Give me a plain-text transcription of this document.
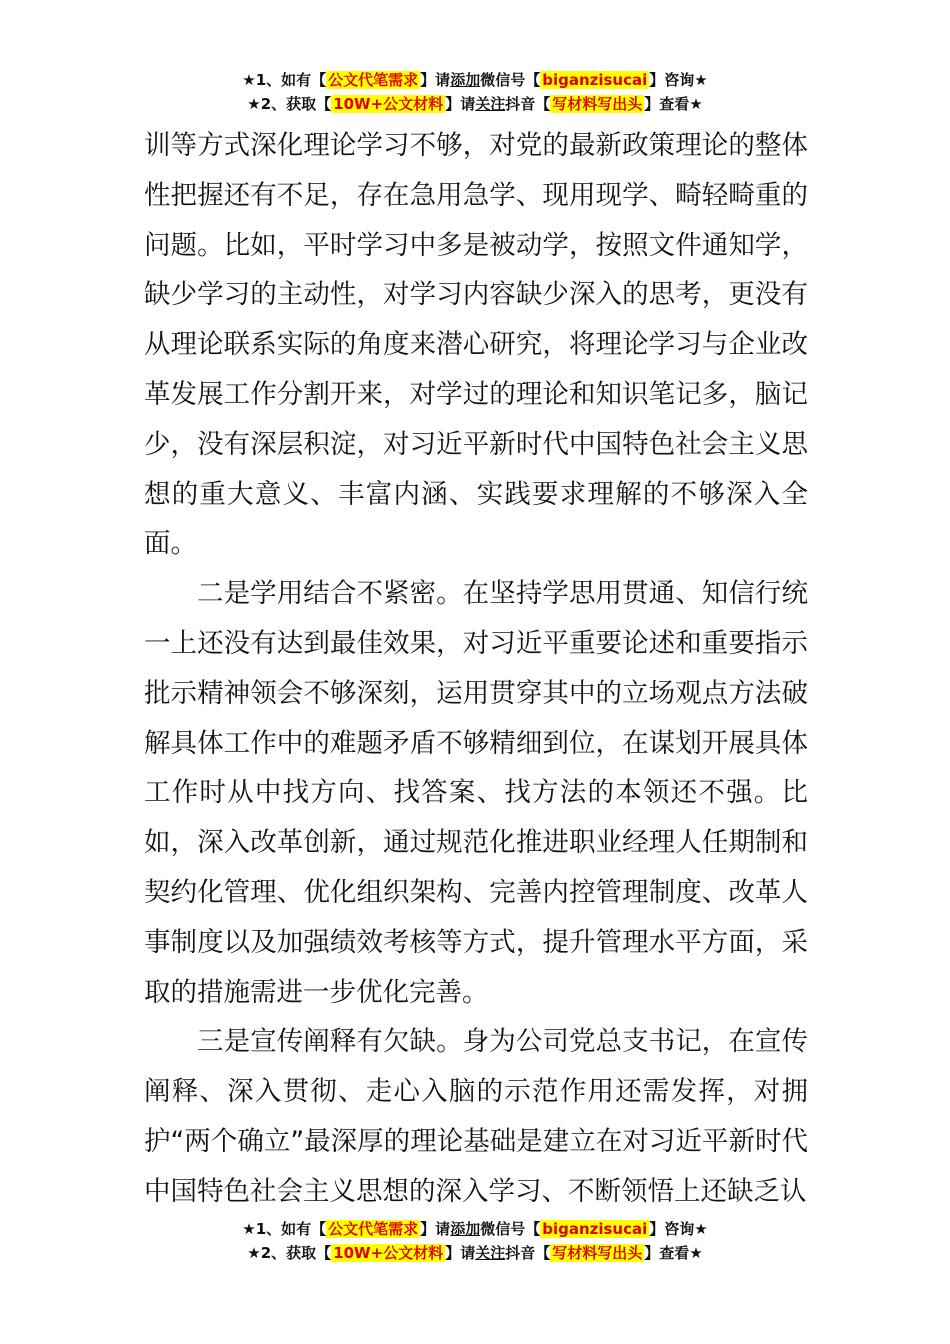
★1、如有【 公文代笔需求 】请添加微信号【 biganzisucai 】咨询★
★2、获取【 10W+公文材料 】请关注抖音【 写材料写出头 】查看★

训等方式深化理论学习不够，对党的最新政策理论的整体性把握还有不足，存在急用急学、现用现学、畸轻畸重的问题。比如，平时学习中多是被动学，按照文件通知学，缺少学习的主动性，对学习内容缺少深入的思考，更没有从理论联系实际的角度来潜心研究，将理论学习与企业改革发展工作分割开来，对学过的理论和知识笔记多，脑记少，没有深层积淀，对习近平新时代中国特色社会主义思想的重大意义、丰富内涵、实践要求理解的不够深入全面。

二是学用结合不紧密。在坚持学思用贯通、知信行统一上还没有达到最佳效果，对习近平重要论述和重要指示批示精神领会不够深刻，运用贯穿其中的立场观点方法破解具体工作中的难题矛盾不够精细到位，在谋划开展具体工作时从中找方向、找答案、找方法的本领还不强。比如，深入改革创新，通过规范化推进职业经理人任期制和契约化管理、优化组织架构、完善内控管理制度、改革人事制度以及加强绩效考核等方式，提升管理水平方面，采取的措施需进一步优化完善。

三是宣传阐释有欠缺。身为公司党总支书记，在宣传阐释、深入贯彻、走心入脑的示范作用还需发挥，对拥护“两个确立”最深厚的理论基础是建立在对习近平新时代中国特色社会主义思想的深入学习、不断领悟上还缺乏认

★1、如有【 公文代笔需求 】请添加微信号【 biganzisucai 】咨询★
★2、获取【 10W+公文材料 】请关注抖音【 写材料写出头 】查看★
